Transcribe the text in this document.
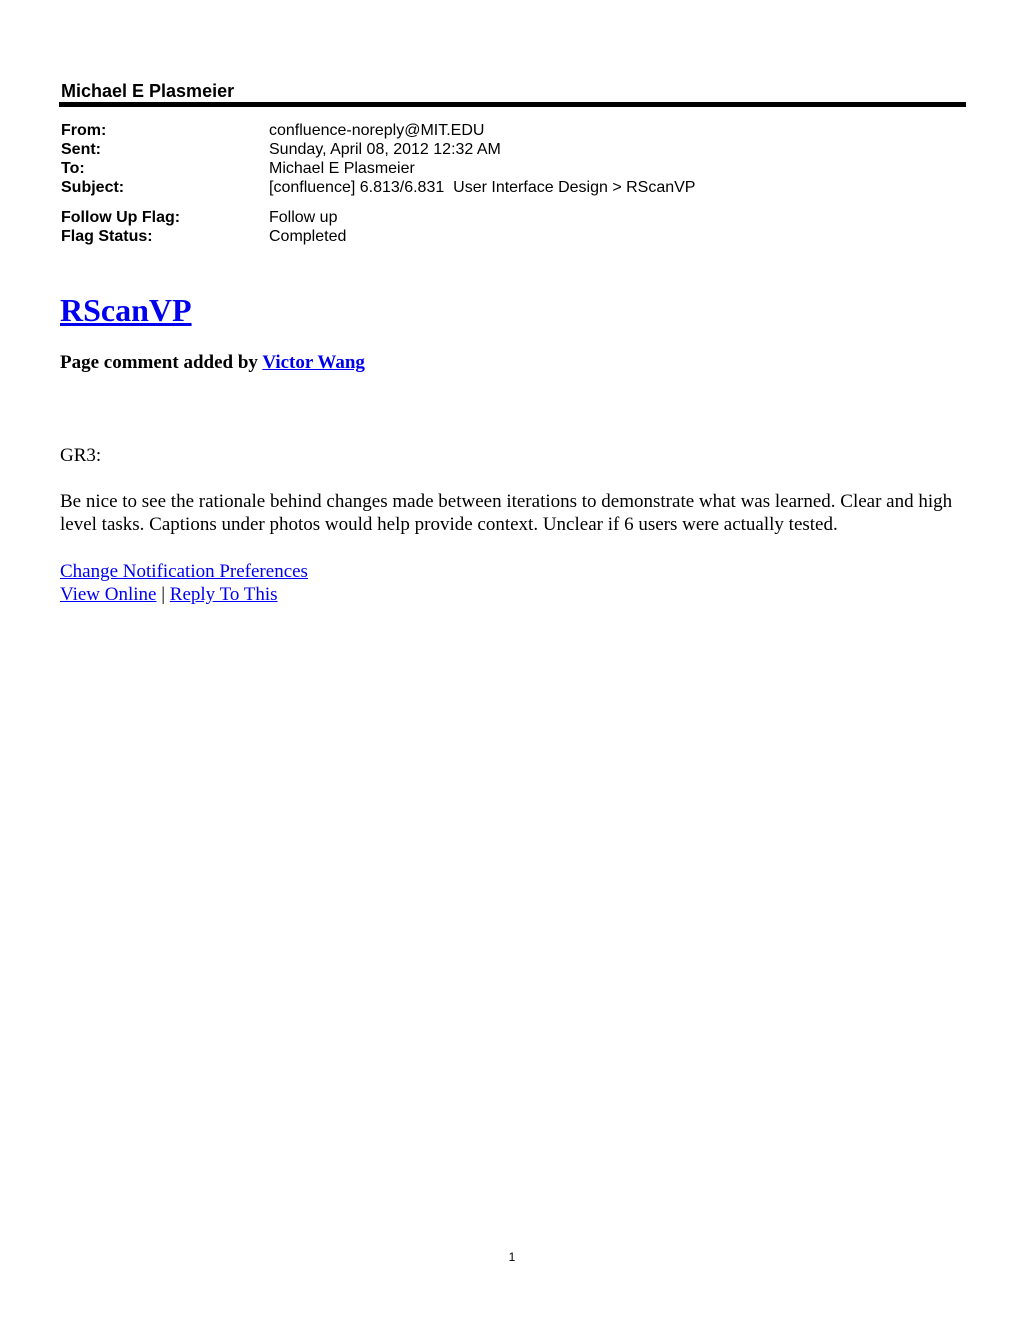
Michael E Plasmeier
From:	confluence-noreply@MIT.EDU
Sent:	Sunday, April 08, 2012 12:32 AM
To:	Michael E Plasmeier
Subject:	[confluence] 6.813/6.831  User Interface Design > RScanVP
Follow Up Flag:	Follow up
Flag Status:	Completed
RScanVP
Page comment added by Victor Wang

GR3:

Be nice to see the rationale behind changes made between iterations to demonstrate what was learned. Clear and high level tasks. Captions under photos would help provide context. Unclear if 6 users were actually tested.

Change Notification Preferences
View Online | Reply To This
1
